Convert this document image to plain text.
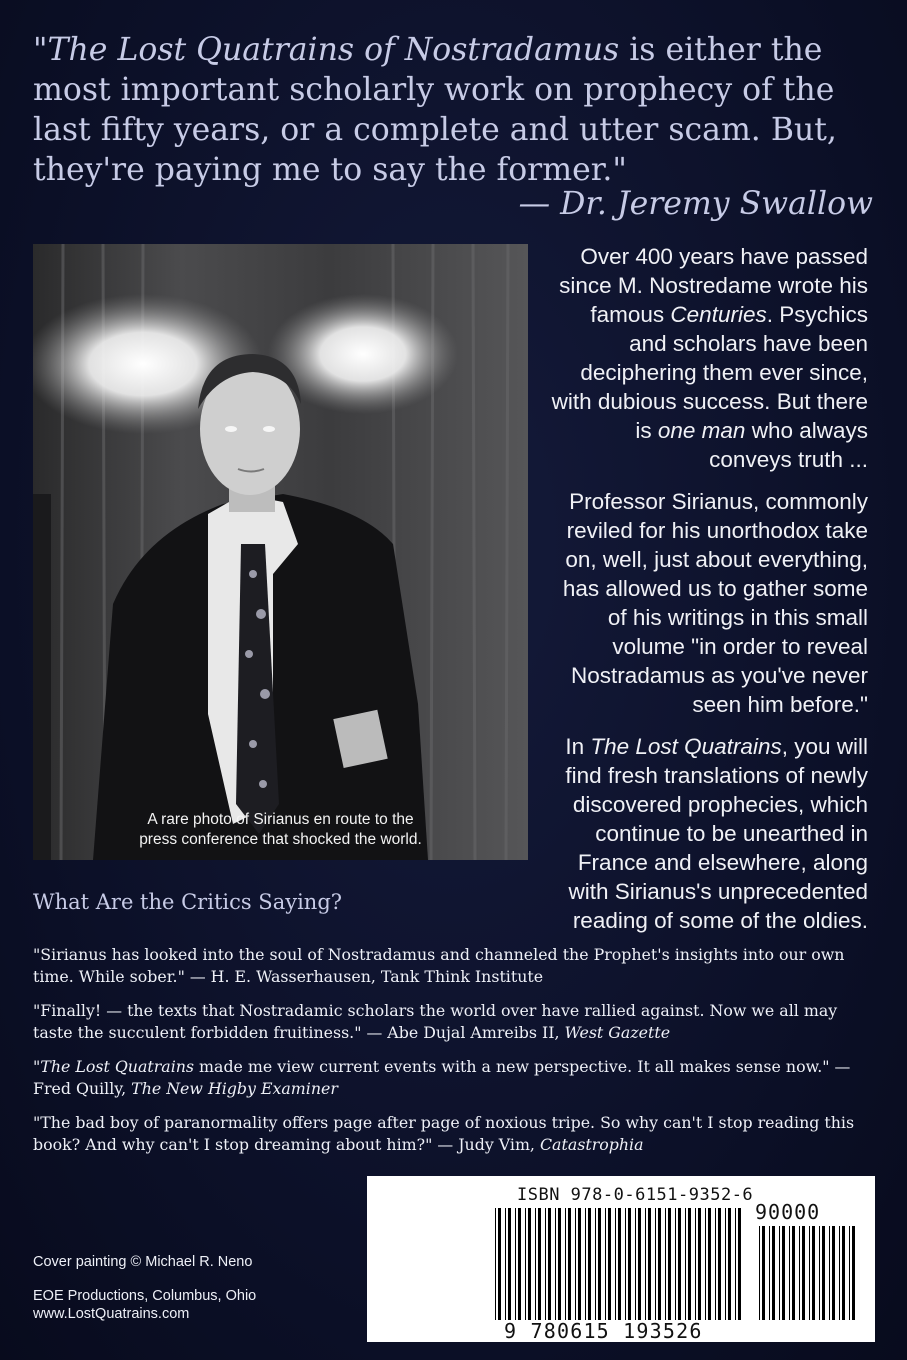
"The Lost Quatrains of Nostradamus is either the most important scholarly work on prophecy of the last fifty years, or a complete and utter scam. But, they're paying me to say the former."
— Dr. Jeremy Swallow

A rare photo of Sirianus en route to the
press conference that shocked the world.

Over 400 years have passed since M. Nostredame wrote his famous Centuries. Psychics and scholars have been deciphering them ever since, with dubious success. But there is one man who always conveys truth ...

Professor Sirianus, commonly reviled for his unorthodox take on, well, just about everything, has allowed us to gather some of his writings in this small volume "in order to reveal Nostradamus as you've never seen him before."

In The Lost Quatrains, you will find fresh translations of newly discovered prophecies, which continue to be unearthed in France and elsewhere, along with Sirianus's unprecedented reading of some of the oldies.

What Are the Critics Saying?

"Sirianus has looked into the soul of Nostradamus and channeled the Prophet's insights into our own time. While sober." — H. E. Wasserhausen, Tank Think Institute

"Finally! — the texts that Nostradamic scholars the world over have rallied against. Now we all may taste the succulent forbidden fruitiness." — Abe Dujal Amreibs II, West Gazette

"The Lost Quatrains made me view current events with a new perspective. It all makes sense now." — Fred Quilly, The New Higby Examiner

"The bad boy of paranormality offers page after page of noxious tripe. So why can't I stop reading this book? And why can't I stop dreaming about him?" — Judy Vim, Catastrophia

Cover painting © Michael R. Neno
EOE Productions, Columbus, Ohio
www.LostQuatrains.com
ISBN 978-0-6151-9352-6
90000
9 780615 193526
